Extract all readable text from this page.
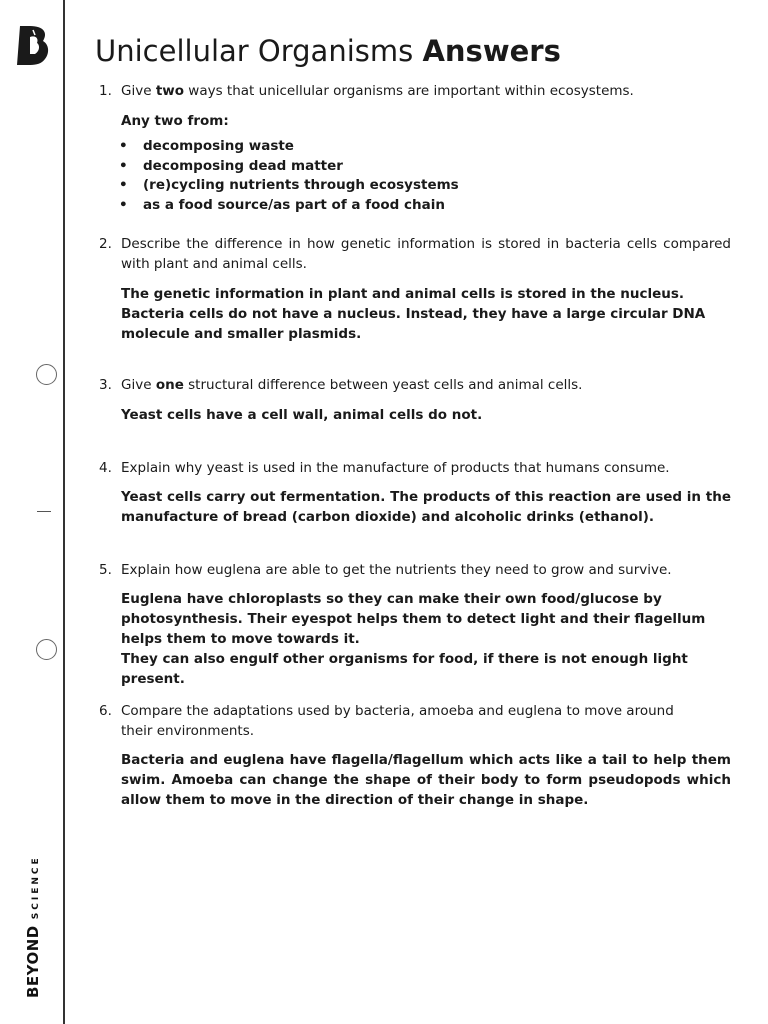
BEYONDSCIENCE
Unicellular Organisms Answers
1. Give two ways that unicellular organisms are important within ecosystems.
Any two from:
• decomposing waste
• decomposing dead matter
• (re)cycling nutrients through ecosystems
• as a food source/as part of a food chain
2. Describe the difference in how genetic information is stored in bacteria cells compared with plant and animal cells.
The genetic information in plant and animal cells is stored in the nucleus. Bacteria cells do not have a nucleus. Instead, they have a large circular DNA molecule and smaller plasmids.
3. Give one structural difference between yeast cells and animal cells.
Yeast cells have a cell wall, animal cells do not.
4. Explain why yeast is used in the manufacture of products that humans consume.
Yeast cells carry out fermentation. The products of this reaction are used in the manufacture of bread (carbon dioxide) and alcoholic drinks (ethanol).
5. Explain how euglena are able to get the nutrients they need to grow and survive.
Euglena have chloroplasts so they can make their own food/glucose by photosynthesis. Their eyespot helps them to detect light and their flagellum helps them to move towards it.
They can also engulf other organisms for food, if there is not enough light present.
6. Compare the adaptations used by bacteria, amoeba and euglena to move around their environments.
Bacteria and euglena have flagella/flagellum which acts like a tail to help them swim. Amoeba can change the shape of their body to form pseudopods which allow them to move in the direction of their change in shape.
